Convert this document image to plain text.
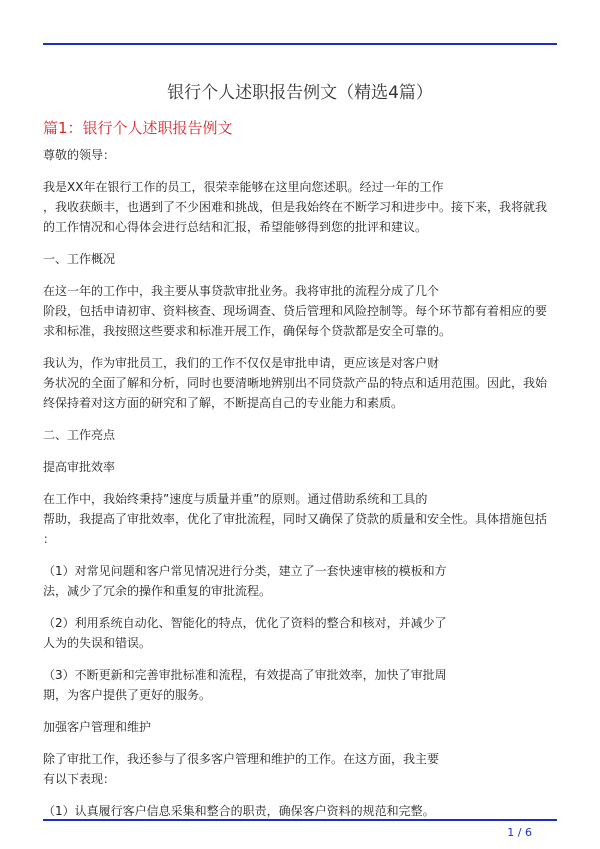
银行个人述职报告例文（精选4篇）
篇1：银行个人述职报告例文

尊敬的领导：

我是XX年在银行工作的员工，很荣幸能够在这里向您述职。经过一年的工作
，我收获颇丰，也遇到了不少困难和挑战，但是我始终在不断学习和进步中。接下来，我将就我的工作情况和心得体会进行总结和汇报，希望能够得到您的批评和建议。

一、工作概况

在这一年的工作中，我主要从事贷款审批业务。我将审批的流程分成了几个
阶段，包括申请初审、资料核查、现场调查、贷后管理和风险控制等。每个环节都有着相应的要求和标准，我按照这些要求和标准开展工作，确保每个贷款都是安全可靠的。

我认为，作为审批员工，我们的工作不仅仅是审批申请，更应该是对客户财
务状况的全面了解和分析，同时也要清晰地辨别出不同贷款产品的特点和适用范围。因此，我始终保持着对这方面的研究和了解，不断提高自己的专业能力和素质。

二、工作亮点

提高审批效率

在工作中，我始终秉持”速度与质量并重”的原则。通过借助系统和工具的
帮助，我提高了审批效率，优化了审批流程，同时又确保了贷款的质量和安全性。具体措施包括
：

（1）对常见问题和客户常见情况进行分类，建立了一套快速审核的模板和方
法，减少了冗余的操作和重复的审批流程。

（2）利用系统自动化、智能化的特点，优化了资料的整合和核对，并减少了
人为的失误和错误。

（3）不断更新和完善审批标准和流程，有效提高了审批效率，加快了审批周
期，为客户提供了更好的服务。

加强客户管理和维护

除了审批工作，我还参与了很多客户管理和维护的工作。在这方面，我主要
有以下表现：

（1）认真履行客户信息采集和整合的职责，确保客户资料的规范和完整。

1 / 6
